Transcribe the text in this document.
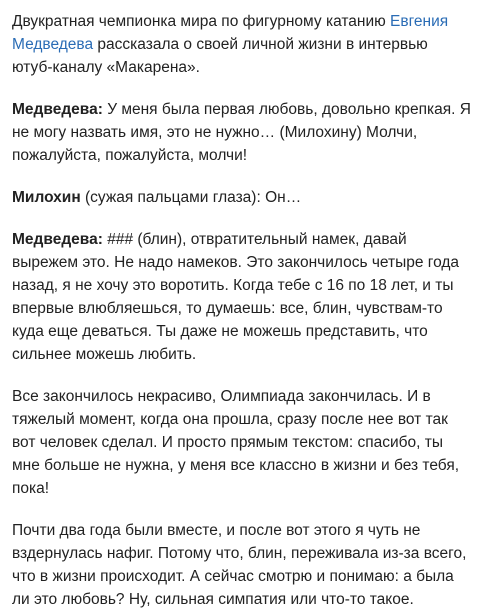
Двукратная чемпионка мира по фигурному катанию Евгения Медведева рассказала о своей личной жизни в интервью ютуб-каналу «Макарена».

Медведева: У меня была первая любовь, довольно крепкая. Я не могу назвать имя, это не нужно… (Милохину) Молчи, пожалуйста, пожалуйста, молчи!

Милохин (сужая пальцами глаза): Он…

Медведева: ### (блин), отвратительный намек, давай вырежем это. Не надо намеков. Это закончилось четыре года назад, я не хочу это воротить. Когда тебе с 16 по 18 лет, и ты впервые влюбляешься, то думаешь: все, блин, чувствам-то куда еще деваться. Ты даже не можешь представить, что сильнее можешь любить.

Все закончилось некрасиво, Олимпиада закончилась. И в тяжелый момент, когда она прошла, сразу после нее вот так вот человек сделал. И просто прямым текстом: спасибо, ты мне больше не нужна, у меня все классно в жизни и без тебя, пока!

Почти два года были вместе, и после вот этого я чуть не вздернулась нафиг. Потому что, блин, переживала из-за всего, что в жизни происходит. А сейчас смотрю и понимаю: а была ли это любовь? Ну, сильная симпатия или что-то такое.
